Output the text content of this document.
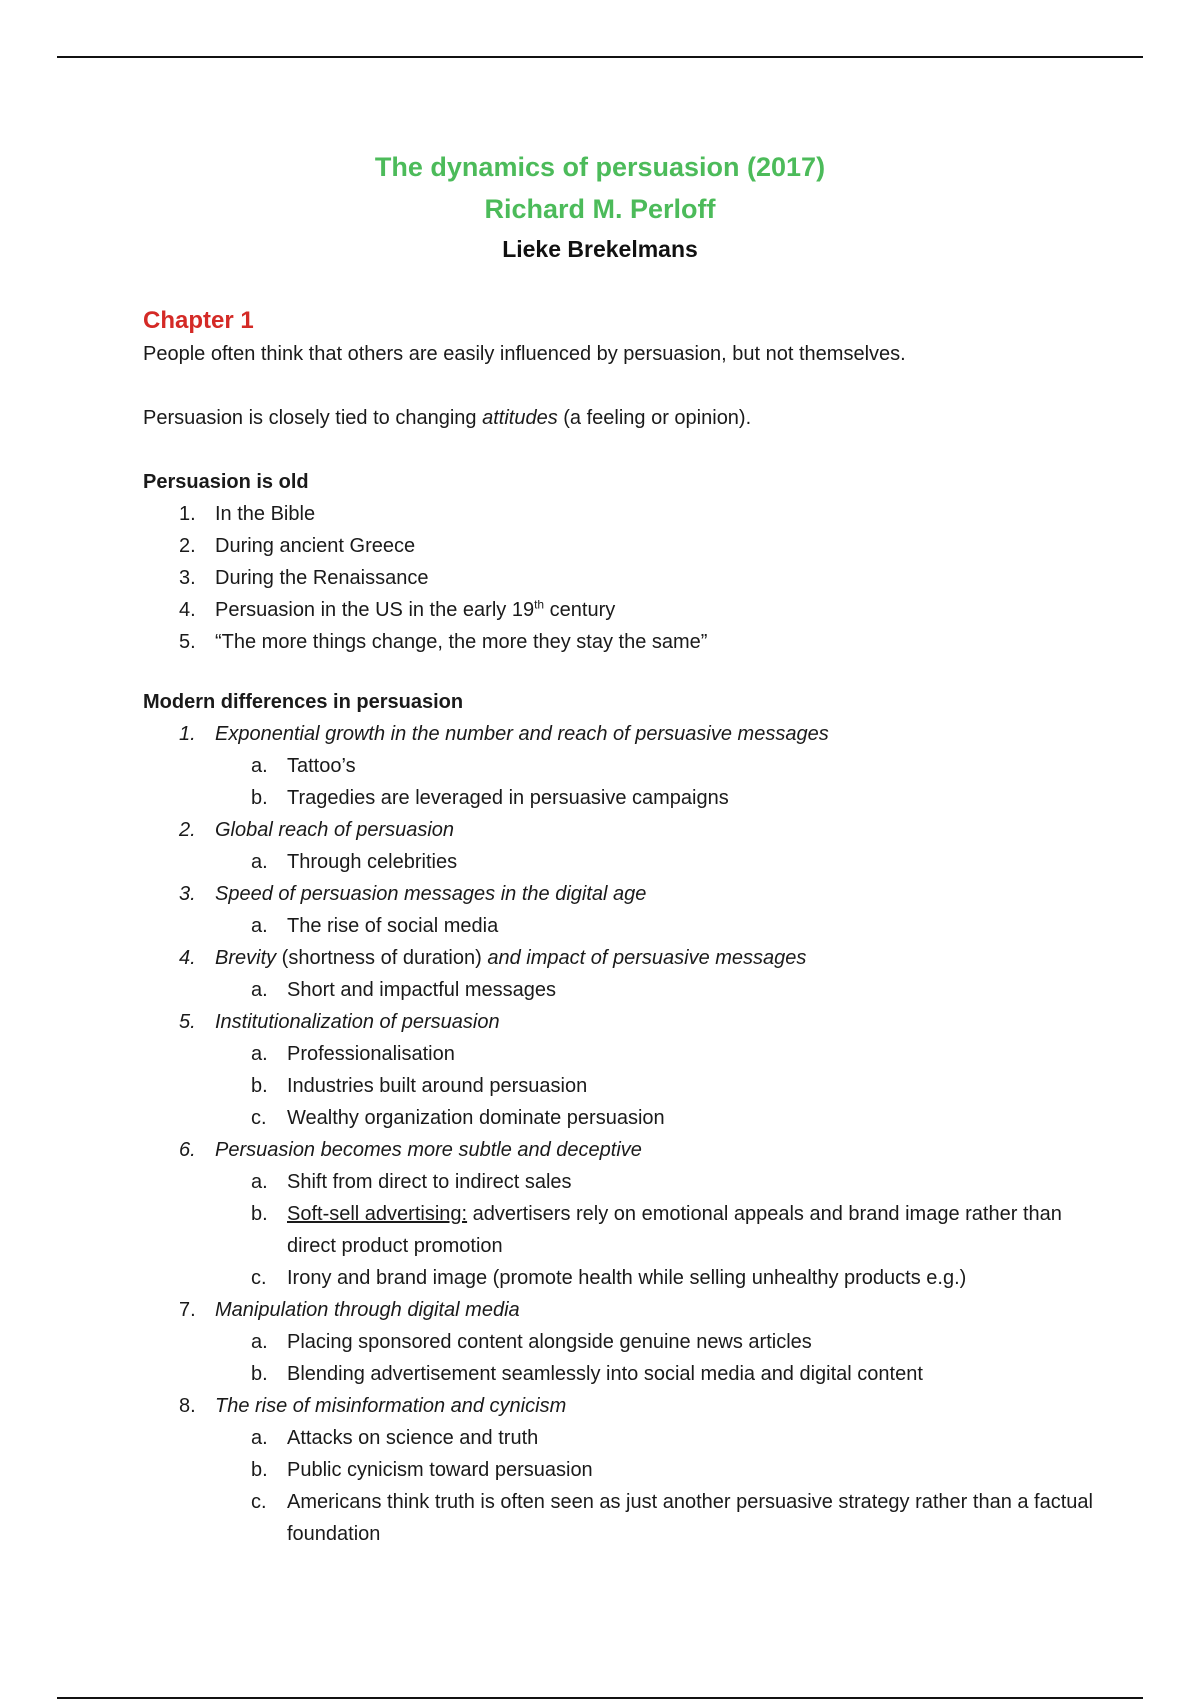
The dynamics of persuasion (2017)
Richard M. Perloff
Lieke Brekelmans
Chapter 1

People often think that others are easily influenced by persuasion, but not themselves.

Persuasion is closely tied to changing attitudes (a feeling or opinion).

Persuasion is old
1. In the Bible
2. During ancient Greece
3. During the Renaissance
4. Persuasion in the US in the early 19th century
5. “The more things change, the more they stay the same”
Modern differences in persuasion
1. Exponential growth in the number and reach of persuasive messages
a. Tattoo’s
b. Tragedies are leveraged in persuasive campaigns
2. Global reach of persuasion
a. Through celebrities
3. Speed of persuasion messages in the digital age
a. The rise of social media
4. Brevity (shortness of duration) and impact of persuasive messages
a. Short and impactful messages
5. Institutionalization of persuasion
a. Professionalisation
b. Industries built around persuasion
c. Wealthy organization dominate persuasion
6. Persuasion becomes more subtle and deceptive
a. Shift from direct to indirect sales
b. Soft-sell advertising: advertisers rely on emotional appeals and brand image rather than direct product promotion
c. Irony and brand image (promote health while selling unhealthy products e.g.)
7. Manipulation through digital media
a. Placing sponsored content alongside genuine news articles
b. Blending advertisement seamlessly into social media and digital content
8. The rise of misinformation and cynicism
a. Attacks on science and truth
b. Public cynicism toward persuasion
c. Americans think truth is often seen as just another persuasive strategy rather than a factual foundation
